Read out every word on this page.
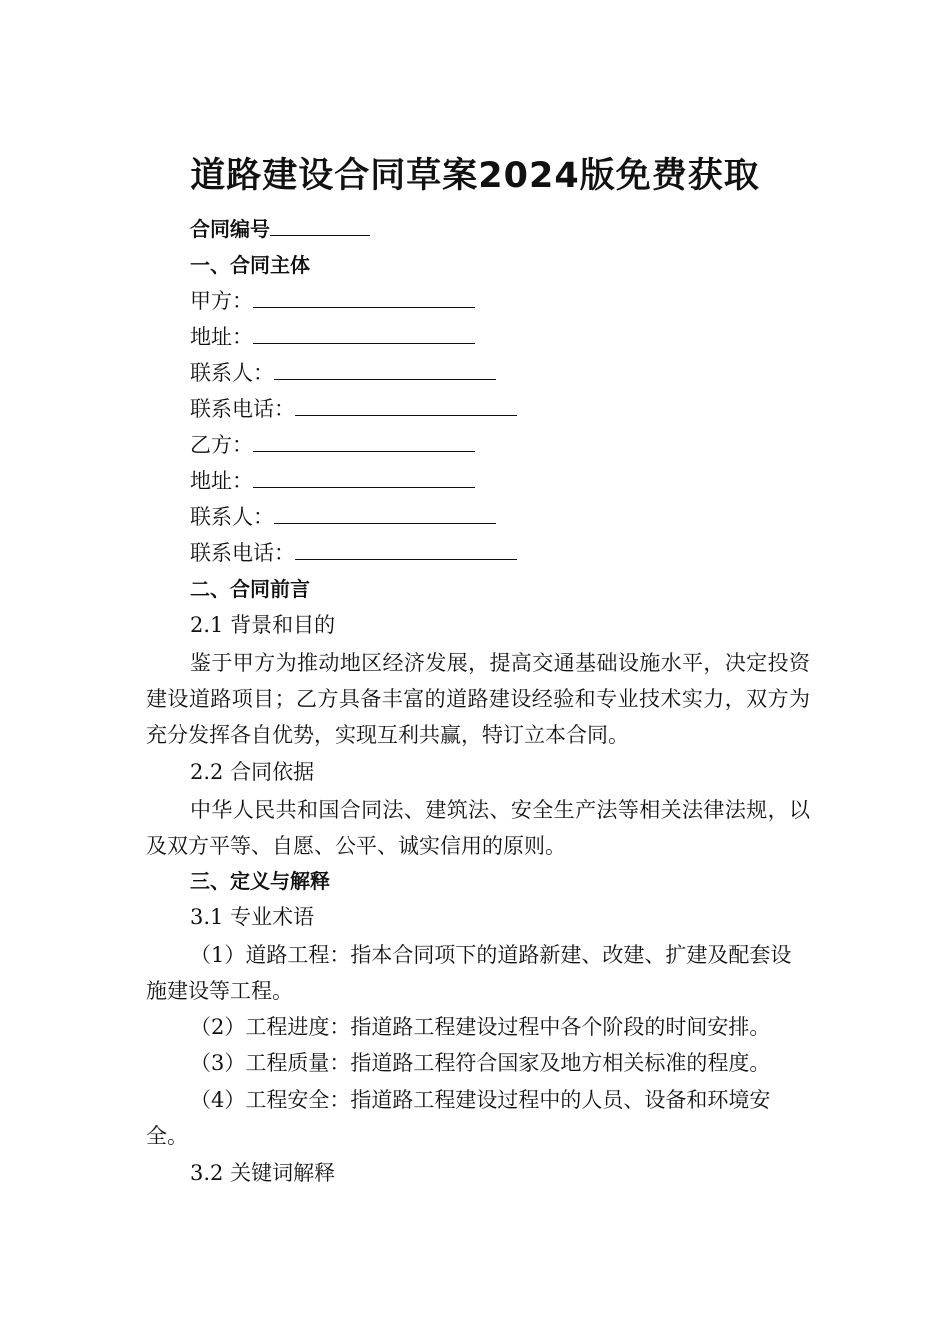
道路建设合同草案2024版免费获取
合同编号
一、合同主体
甲方：
地址：
联系人：
联系电话：
乙方：
地址：
联系人：
联系电话：
二、合同前言
2.1 背景和目的
鉴于甲方为推动地区经济发展，提高交通基础设施水平，决定投资建设道路项目；乙方具备丰富的道路建设经验和专业技术实力，双方为充分发挥各自优势，实现互利共赢，特订立本合同。
2.2 合同依据
中华人民共和国合同法、建筑法、安全生产法等相关法律法规，以及双方平等、自愿、公平、诚实信用的原则。
三、定义与解释
3.1 专业术语
（1）道路工程：指本合同项下的道路新建、改建、扩建及配套设施建设等工程。
（2）工程进度：指道路工程建设过程中各个阶段的时间安排。
（3）工程质量：指道路工程符合国家及地方相关标准的程度。
（4）工程安全：指道路工程建设过程中的人员、设备和环境安全。
3.2 关键词解释
